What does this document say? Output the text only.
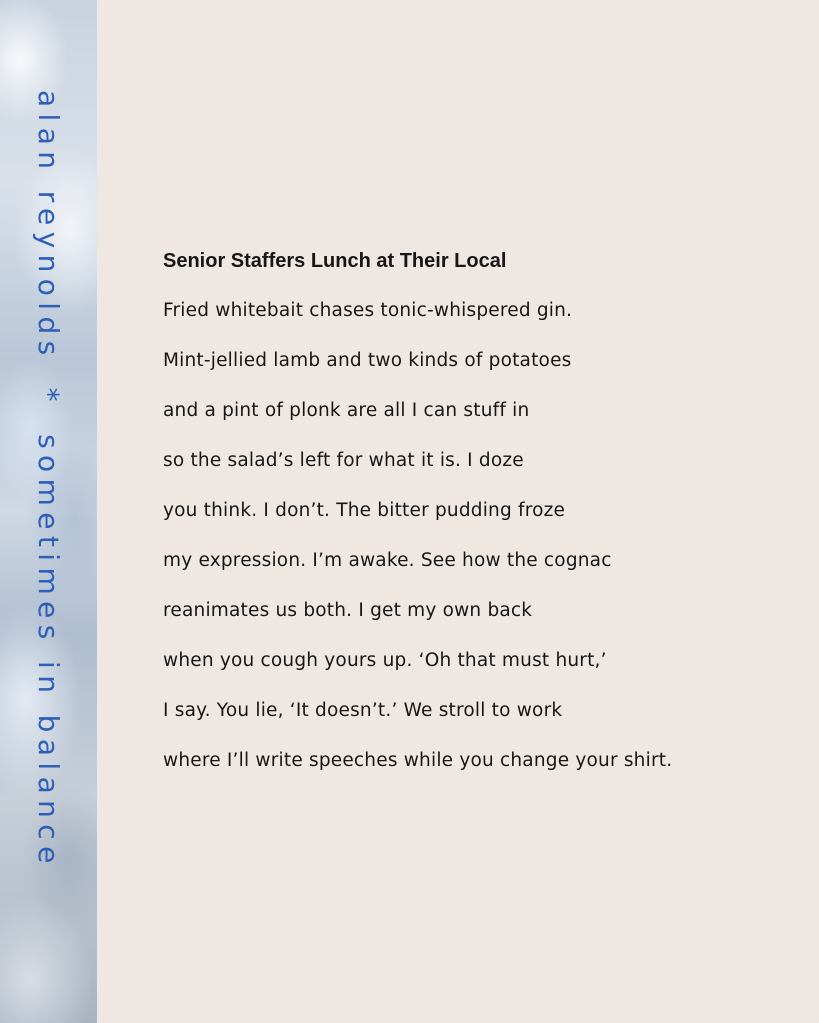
alan reynolds*sometimes in balance
Senior Staffers Lunch at Their Local

Fried whitebait chases tonic-whispered gin.

Mint-jellied lamb and two kinds of potatoes

and a pint of plonk are all I can stuff in

so the salad’s left for what it is. I doze

you think. I don’t. The bitter pudding froze

my expression. I’m awake. See how the cognac

reanimates us both. I get my own back

when you cough yours up. ‘Oh that must hurt,’

I say. You lie, ‘It doesn’t.’ We stroll to work

where I’ll write speeches while you change your shirt.
